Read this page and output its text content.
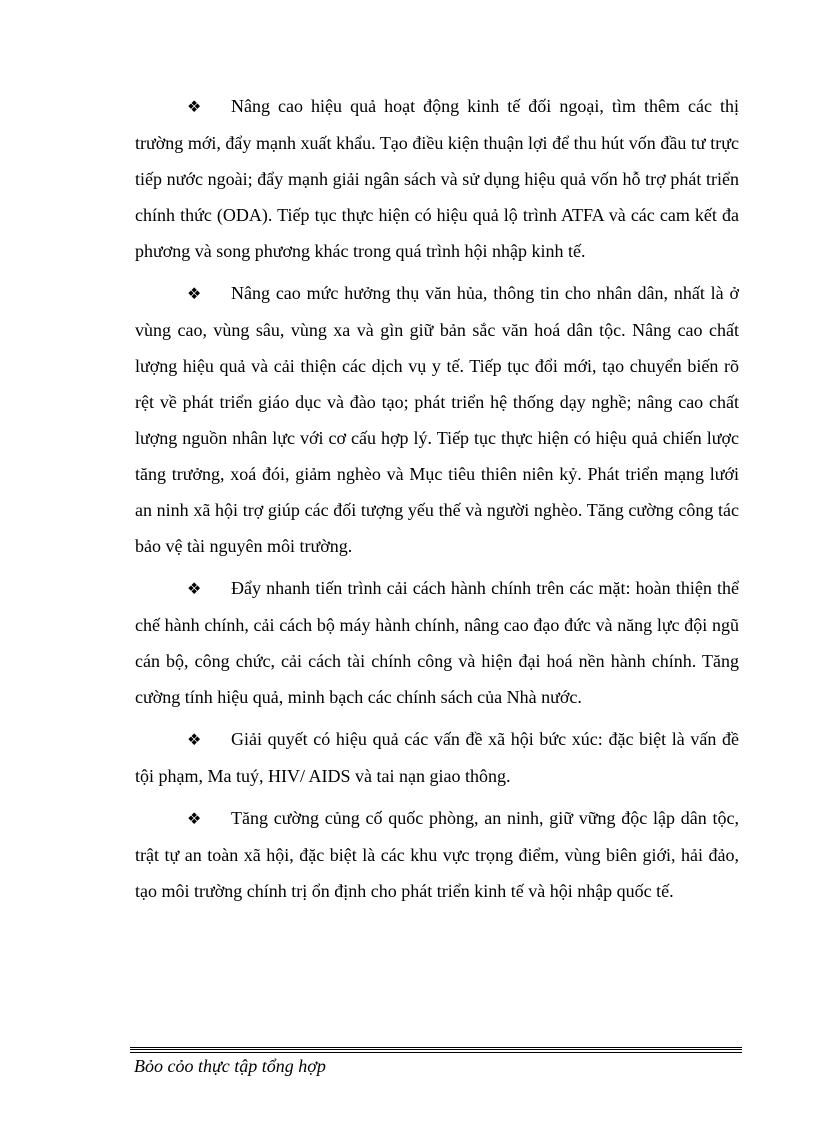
❖ Nâng cao hiệu quả hoạt động kinh tế đối ngoại, tìm thêm các thị trường mới, đẩy mạnh xuất khẩu. Tạo điều kiện thuận lợi để thu hút vốn đầu tư trực tiếp nước ngoài; đẩy mạnh giải ngân sách và sử dụng hiệu quả vốn hỗ trợ phát triển chính thức (ODA). Tiếp tục thực hiện có hiệu quả lộ trình ATFA và các cam kết đa phương và song phương khác trong quá trình hội nhập kinh tế.

❖ Nâng cao mức hưởng thụ văn hủa, thông tin cho nhân dân, nhất là ở vùng cao, vùng sâu, vùng xa và gìn giữ bản sắc văn hoá dân tộc. Nâng cao chất lượng hiệu quả và cải thiện các dịch vụ y tế. Tiếp tục đổi mới, tạo chuyển biến rõ rệt về phát triển giáo dục và đào tạo; phát triển hệ thống dạy nghề; nâng cao chất lượng nguồn nhân lực với cơ cấu hợp lý. Tiếp tục thực hiện có hiệu quả chiến lược tăng trưởng, xoá đói, giảm nghèo và Mục tiêu thiên niên kỷ. Phát triển mạng lưới an ninh xã hội trợ giúp các đối tượng yếu thế và người nghèo. Tăng cường công tác bảo vệ tài nguyên môi trường.

❖ Đẩy nhanh tiến trình cải cách hành chính trên các mặt: hoàn thiện thể chế hành chính, cải cách bộ máy hành chính, nâng cao đạo đức và năng lực đội ngũ cán bộ, công chức, cải cách tài chính công và hiện đại hoá nền hành chính. Tăng cường tính hiệu quả, minh bạch các chính sách của Nhà nước.

❖ Giải quyết có hiệu quả các vấn đề xã hội bức xúc: đặc biệt là vấn đề tội phạm, Ma tuý, HIV/ AIDS và tai nạn giao thông.

❖ Tăng cường củng cố quốc phòng, an ninh, giữ vững độc lập dân tộc, trật tự an toàn xã hội, đặc biệt là các khu vực trọng điểm, vùng biên giới, hải đảo, tạo môi trường chính trị ổn định cho phát triển kinh tế và hội nhập quốc tế.

Bỏo cỏo thực tập tổng hợp
